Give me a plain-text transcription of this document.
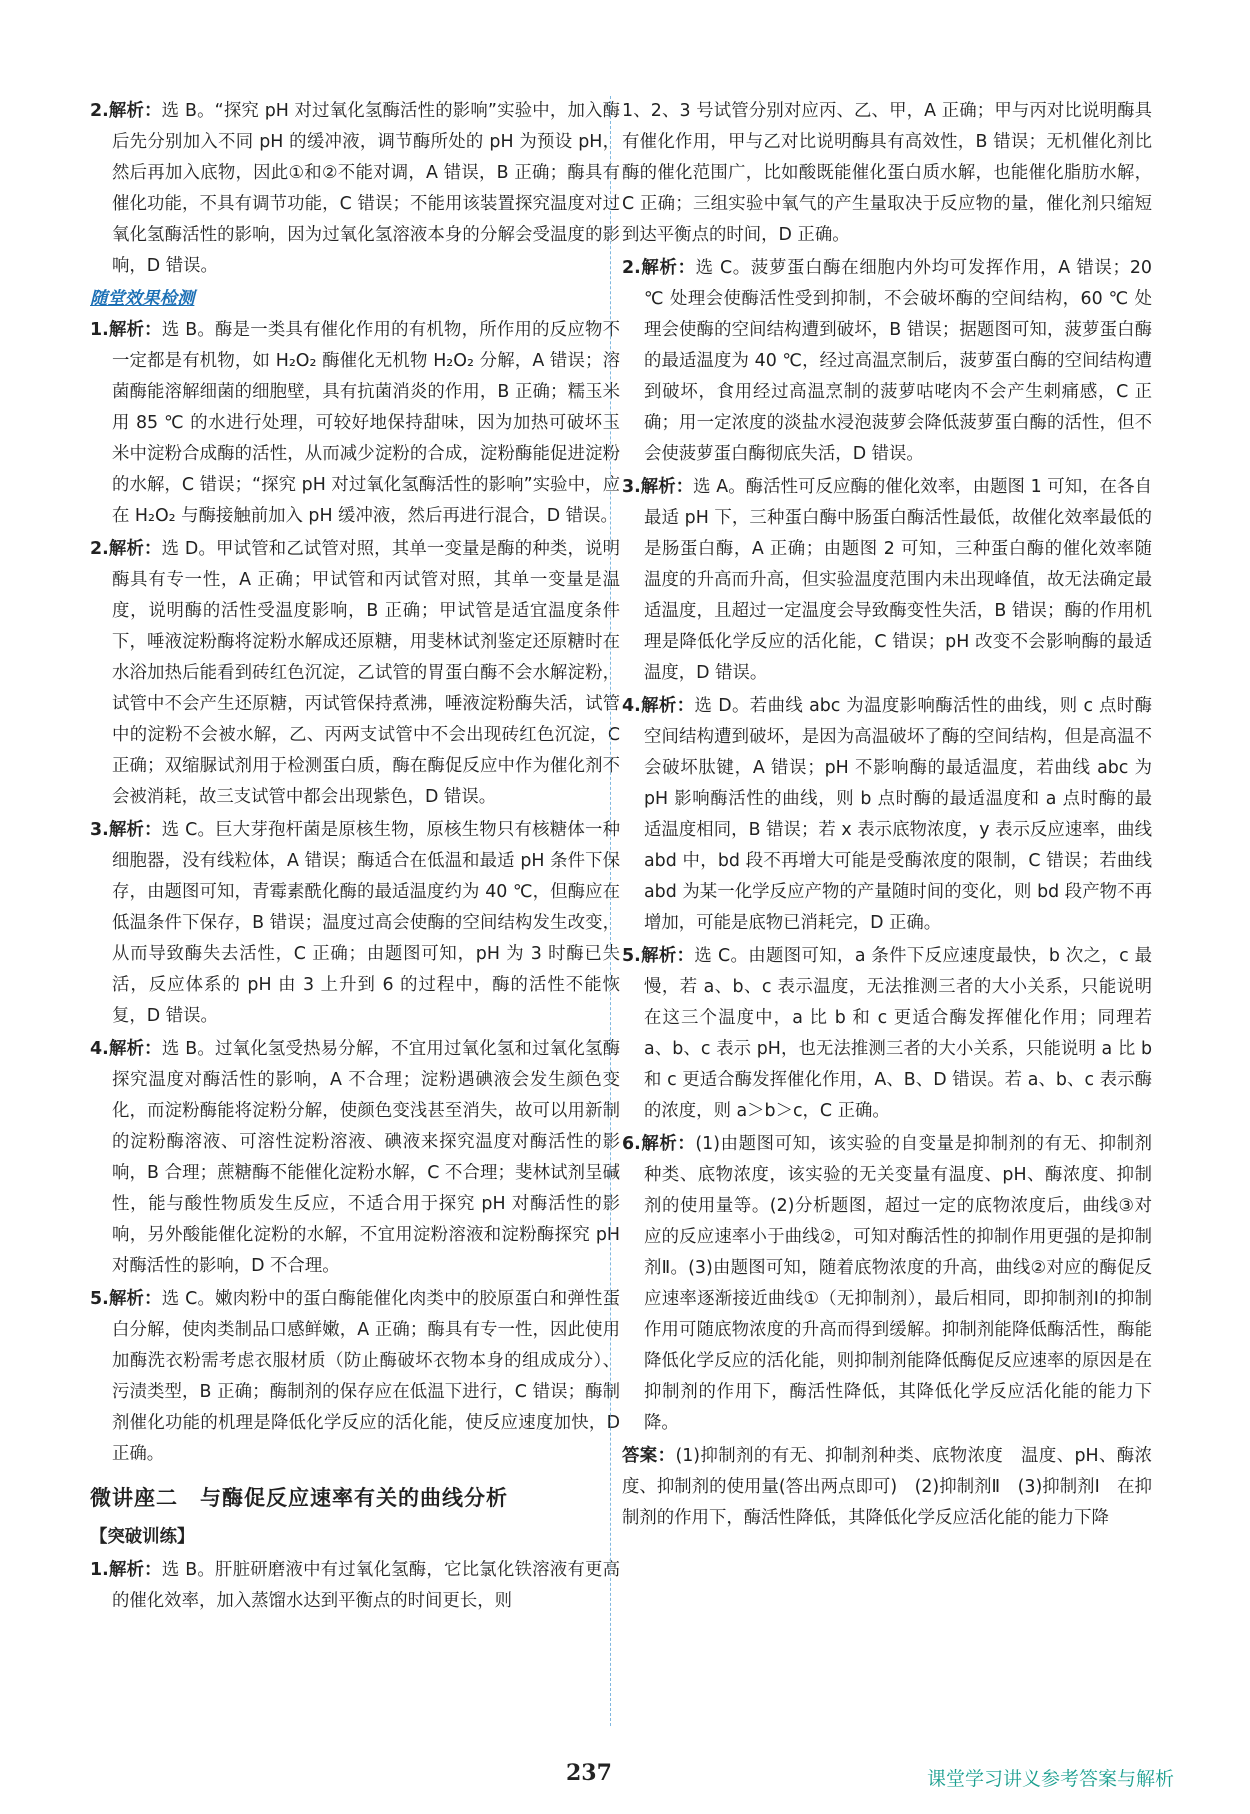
2.解析：选 B。“探究 pH 对过氧化氢酶活性的影响”实验中，加入酶后先分别加入不同 pH 的缓冲液，调节酶所处的 pH 为预设 pH，然后再加入底物，因此①和②不能对调，A 错误，B 正确；酶具有催化功能，不具有调节功能，C 错误；不能用该装置探究温度对过氧化氢酶活性的影响，因为过氧化氢溶液本身的分解会受温度的影响，D 错误。

随堂效果检测

1.解析：选 B。酶是一类具有催化作用的有机物，所作用的反应物不一定都是有机物，如 H₂O₂ 酶催化无机物 H₂O₂ 分解，A 错误；溶菌酶能溶解细菌的细胞壁，具有抗菌消炎的作用，B 正确；糯玉米用 85 ℃ 的水进行处理，可较好地保持甜味，因为加热可破坏玉米中淀粉合成酶的活性，从而减少淀粉的合成，淀粉酶能促进淀粉的水解，C 错误；“探究 pH 对过氧化氢酶活性的影响”实验中，应在 H₂O₂ 与酶接触前加入 pH 缓冲液，然后再进行混合，D 错误。

2.解析：选 D。甲试管和乙试管对照，其单一变量是酶的种类，说明酶具有专一性，A 正确；甲试管和丙试管对照，其单一变量是温度，说明酶的活性受温度影响，B 正确；甲试管是适宜温度条件下，唾液淀粉酶将淀粉水解成还原糖，用斐林试剂鉴定还原糖时在水浴加热后能看到砖红色沉淀，乙试管的胃蛋白酶不会水解淀粉，试管中不会产生还原糖，丙试管保持煮沸，唾液淀粉酶失活，试管中的淀粉不会被水解，乙、丙两支试管中不会出现砖红色沉淀，C 正确；双缩脲试剂用于检测蛋白质，酶在酶促反应中作为催化剂不会被消耗，故三支试管中都会出现紫色，D 错误。

3.解析：选 C。巨大芽孢杆菌是原核生物，原核生物只有核糖体一种细胞器，没有线粒体，A 错误；酶适合在低温和最适 pH 条件下保存，由题图可知，青霉素酰化酶的最适温度约为 40 ℃，但酶应在低温条件下保存，B 错误；温度过高会使酶的空间结构发生改变，从而导致酶失去活性，C 正确；由题图可知，pH 为 3 时酶已失活，反应体系的 pH 由 3 上升到 6 的过程中，酶的活性不能恢复，D 错误。

4.解析：选 B。过氧化氢受热易分解，不宜用过氧化氢和过氧化氢酶探究温度对酶活性的影响，A 不合理；淀粉遇碘液会发生颜色变化，而淀粉酶能将淀粉分解，使颜色变浅甚至消失，故可以用新制的淀粉酶溶液、可溶性淀粉溶液、碘液来探究温度对酶活性的影响，B 合理；蔗糖酶不能催化淀粉水解，C 不合理；斐林试剂呈碱性，能与酸性物质发生反应，不适合用于探究 pH 对酶活性的影响，另外酸能催化淀粉的水解，不宜用淀粉溶液和淀粉酶探究 pH 对酶活性的影响，D 不合理。

5.解析：选 C。嫩肉粉中的蛋白酶能催化肉类中的胶原蛋白和弹性蛋白分解，使肉类制品口感鲜嫩，A 正确；酶具有专一性，因此使用加酶洗衣粉需考虑衣服材质（防止酶破坏衣物本身的组成成分）、污渍类型，B 正确；酶制剂的保存应在低温下进行，C 错误；酶制剂催化功能的机理是降低化学反应的活化能，使反应速度加快，D 正确。

微讲座二　与酶促反应速率有关的曲线分析
【突破训练】

1.解析：选 B。肝脏研磨液中有过氧化氢酶，它比氯化铁溶液有更高的催化效率，加入蒸馏水达到平衡点的时间更长，则

1、2、3 号试管分别对应丙、乙、甲，A 正确；甲与丙对比说明酶具有催化作用，甲与乙对比说明酶具有高效性，B 错误；无机催化剂比酶的催化范围广，比如酸既能催化蛋白质水解，也能催化脂肪水解，C 正确；三组实验中氧气的产生量取决于反应物的量，催化剂只缩短到达平衡点的时间，D 正确。

2.解析：选 C。菠萝蛋白酶在细胞内外均可发挥作用，A 错误；20 ℃ 处理会使酶活性受到抑制，不会破坏酶的空间结构，60 ℃ 处理会使酶的空间结构遭到破坏，B 错误；据题图可知，菠萝蛋白酶的最适温度为 40 ℃，经过高温烹制后，菠萝蛋白酶的空间结构遭到破坏，食用经过高温烹制的菠萝咕咾肉不会产生刺痛感，C 正确；用一定浓度的淡盐水浸泡菠萝会降低菠萝蛋白酶的活性，但不会使菠萝蛋白酶彻底失活，D 错误。

3.解析：选 A。酶活性可反应酶的催化效率，由题图 1 可知，在各自最适 pH 下，三种蛋白酶中肠蛋白酶活性最低，故催化效率最低的是肠蛋白酶，A 正确；由题图 2 可知，三种蛋白酶的催化效率随温度的升高而升高，但实验温度范围内未出现峰值，故无法确定最适温度，且超过一定温度会导致酶变性失活，B 错误；酶的作用机理是降低化学反应的活化能，C 错误；pH 改变不会影响酶的最适温度，D 错误。

4.解析：选 D。若曲线 abc 为温度影响酶活性的曲线，则 c 点时酶空间结构遭到破坏，是因为高温破坏了酶的空间结构，但是高温不会破坏肽键，A 错误；pH 不影响酶的最适温度，若曲线 abc 为 pH 影响酶活性的曲线，则 b 点时酶的最适温度和 a 点时酶的最适温度相同，B 错误；若 x 表示底物浓度，y 表示反应速率，曲线 abd 中，bd 段不再增大可能是受酶浓度的限制，C 错误；若曲线 abd 为某一化学反应产物的产量随时间的变化，则 bd 段产物不再增加，可能是底物已消耗完，D 正确。

5.解析：选 C。由题图可知，a 条件下反应速度最快，b 次之，c 最慢，若 a、b、c 表示温度，无法推测三者的大小关系，只能说明在这三个温度中，a 比 b 和 c 更适合酶发挥催化作用；同理若 a、b、c 表示 pH，也无法推测三者的大小关系，只能说明 a 比 b 和 c 更适合酶发挥催化作用，A、B、D 错误。若 a、b、c 表示酶的浓度，则 a＞b＞c，C 正确。

6.解析：(1)由题图可知，该实验的自变量是抑制剂的有无、抑制剂种类、底物浓度，该实验的无关变量有温度、pH、酶浓度、抑制剂的使用量等。(2)分析题图，超过一定的底物浓度后，曲线③对应的反应速率小于曲线②，可知对酶活性的抑制作用更强的是抑制剂Ⅱ。(3)由题图可知，随着底物浓度的升高，曲线②对应的酶促反应速率逐渐接近曲线①（无抑制剂），最后相同，即抑制剂Ⅰ的抑制作用可随底物浓度的升高而得到缓解。抑制剂能降低酶活性，酶能降低化学反应的活化能，则抑制剂能降低酶促反应速率的原因是在抑制剂的作用下，酶活性降低，其降低化学反应活化能的能力下降。

答案：(1)抑制剂的有无、抑制剂种类、底物浓度　温度、pH、酶浓度、抑制剂的使用量(答出两点即可)　(2)抑制剂Ⅱ　(3)抑制剂Ⅰ　在抑制剂的作用下，酶活性降低，其降低化学反应活化能的能力下降

237	课堂学习讲义参考答案与解析
